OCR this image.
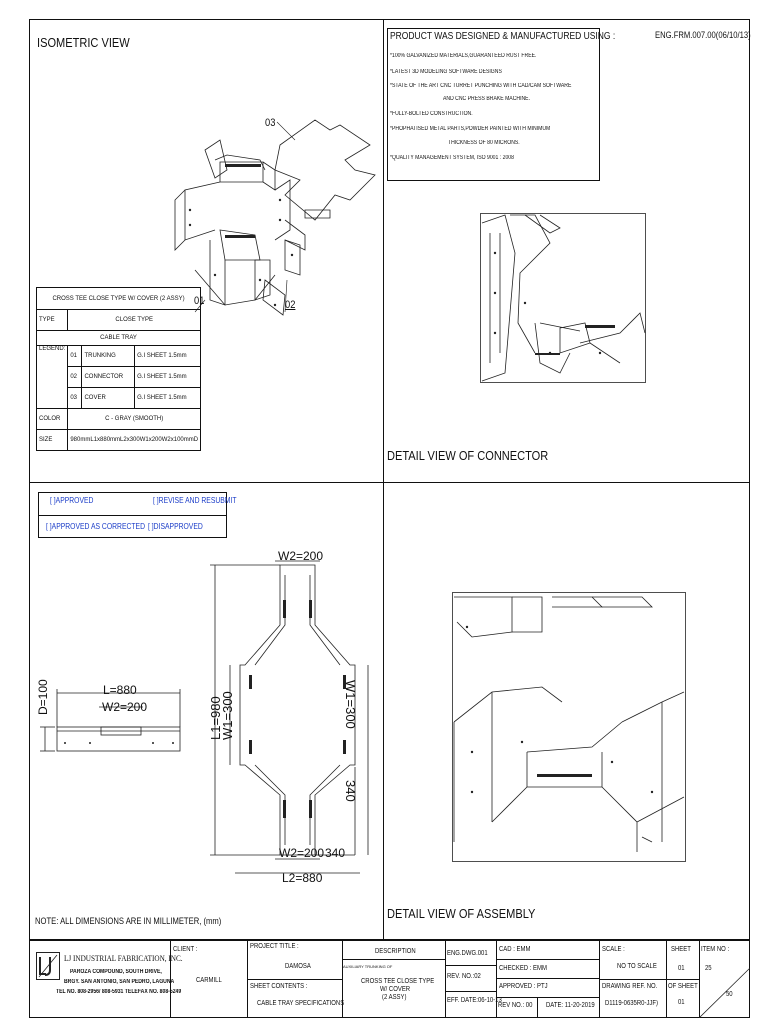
ISOMETRIC VIEW
01	02
03
CROSS TEE CLOSE TYPE W/ COVER (2 ASSY)			
TYPE	CLOSE TYPE		
CABLE TRAY			
LEGEND:	01	TRUNKING	G.I SHEET 1.5mm
	02	CONNECTOR	G.I SHEET 1.5mm
	03	COVER	G.I SHEET 1.5mm
COLOR	C - GRAY (SMOOTH)		
SIZE	980mmL1x880mmL2x300W1x200W2x100mmD		
ENG.FRM.007.00(06/10/13)
PRODUCT WAS DESIGNED & MANUFACTURED USING :
*100% GALVANIZED MATERIALS,GUARANTEED RUST FREE.
*LATEST 3D MODELING SOFTWARE DESIGNS
*STATE OF THE ART CNC TURRET PUNCHING WITH CAD/CAM SOFTWARE
AND CNC PRESS BRAKE MACHINE.
*FULLY-BOLTED CONSTRUCTION.
*PHOPHATISED METAL PARTS,POWDER PAINTED WITH MINIMUM
THICKNESS OF 80 MICRONS.
*QUALITY MANAGEMENT SYSTEM, ISO 9001 : 2008
DETAIL VIEW OF CONNECTOR
[ ]APPROVED	[ ]REVISE AND RESUBMIT
[ ]APPROVED AS CORRECTED [ ]DISAPPROVED
L=880
W2=200
D=100
W2=200
L1=980
W1=300	W1=300
340
W2=200 340
L2=880
NOTE: ALL DIMENSIONS ARE IN MILLIMETER, (mm)	DETAIL VIEW OF ASSEMBLY
LJ INDUSTRIAL FABRICATION, INC.
PAROZA COMPOUND, SOUTH DRIVE,
BRGY. SAN ANTONIO, SAN PEDRO, LAGUNA
TEL NO. 808-2956/ 808-5931 TELEFAX NO. 808-5249
CLIENT :
CARMILL
PROJECT TITLE :
DAMOSA
SHEET CONTENTS :
CABLE TRAY SPECIFICATIONS
DESCRIPTION
AUXILIARY TRUNKING OF
CROSS TEE CLOSE TYPE
W/ COVER
(2 ASSY)
ENG.DWG.001
REV. NO.:02
EFF. DATE:06-10-13
CAD : EMM
CHECKED : EMM
APPROVED : PTJ
REV NO.: 00 DATE: 11-20-2019
SCALE :
NO TO SCALE
DRAWING REF. NO.
D1119-0635R0-JJF)
SHEET
01
OF SHEET
01
ITEM NO :
25
50
